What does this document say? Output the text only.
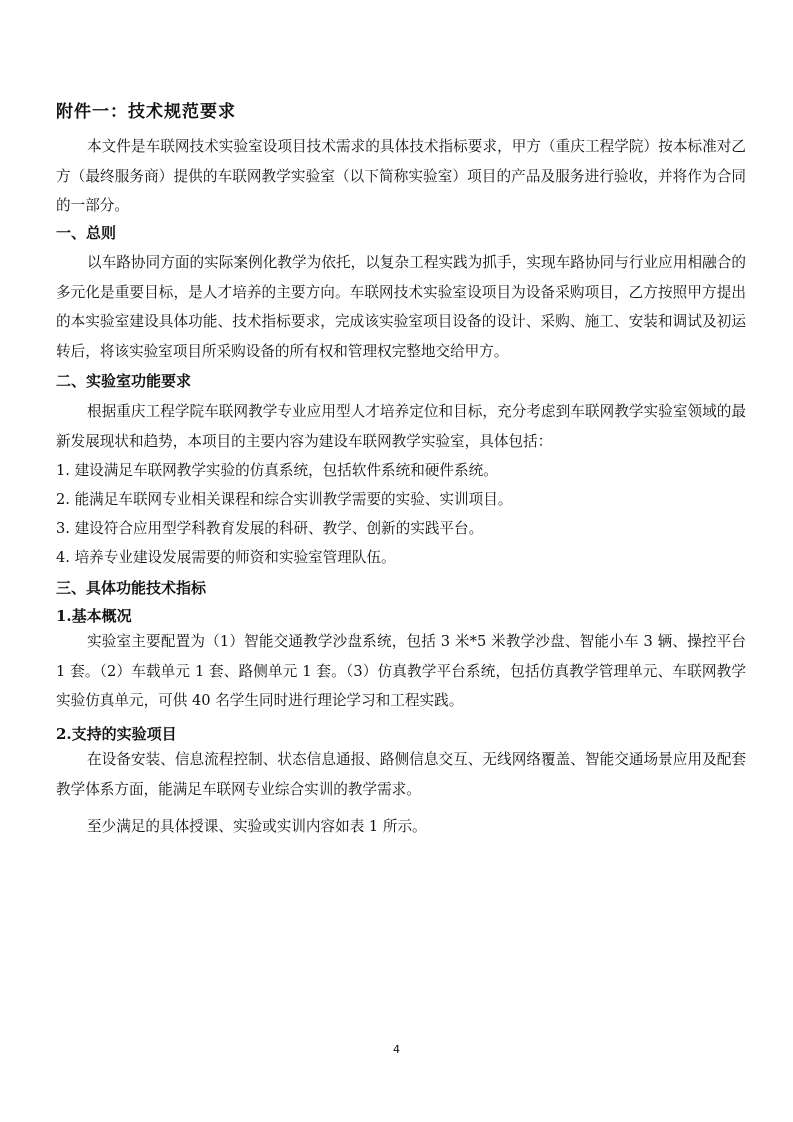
附件一：技术规范要求
本文件是车联网技术实验室设项目技术需求的具体技术指标要求，甲方（重庆工程学院）按本标准对乙方（最终服务商）提供的车联网教学实验室（以下简称实验室）项目的产品及服务进行验收，并将作为合同的一部分。
一、总则
以车路协同方面的实际案例化教学为依托，以复杂工程实践为抓手，实现车路协同与行业应用相融合的多元化是重要目标，是人才培养的主要方向。车联网技术实验室设项目为设备采购项目，乙方按照甲方提出的本实验室建设具体功能、技术指标要求，完成该实验室项目设备的设计、采购、施工、安装和调试及初运转后，将该实验室项目所采购设备的所有权和管理权完整地交给甲方。
二、实验室功能要求
根据重庆工程学院车联网教学专业应用型人才培养定位和目标，充分考虑到车联网教学实验室领域的最新发展现状和趋势，本项目的主要内容为建设车联网教学实验室，具体包括：
1. 建设满足车联网教学实验的仿真系统，包括软件系统和硬件系统。
2. 能满足车联网专业相关课程和综合实训教学需要的实验、实训项目。
3. 建设符合应用型学科教育发展的科研、教学、创新的实践平台。
4. 培养专业建设发展需要的师资和实验室管理队伍。
三、具体功能技术指标
1.基本概况
实验室主要配置为（1）智能交通教学沙盘系统，包括 3 米*5 米教学沙盘、智能小车 3 辆、操控平台 1 套。（2）车载单元 1 套、路侧单元 1 套。（3）仿真教学平台系统，包括仿真教学管理单元、车联网教学实验仿真单元，可供 40 名学生同时进行理论学习和工程实践。
2.支持的实验项目
在设备安装、信息流程控制、状态信息通报、路侧信息交互、无线网络覆盖、智能交通场景应用及配套教学体系方面，能满足车联网专业综合实训的教学需求。
至少满足的具体授课、实验或实训内容如表 1 所示。
4
